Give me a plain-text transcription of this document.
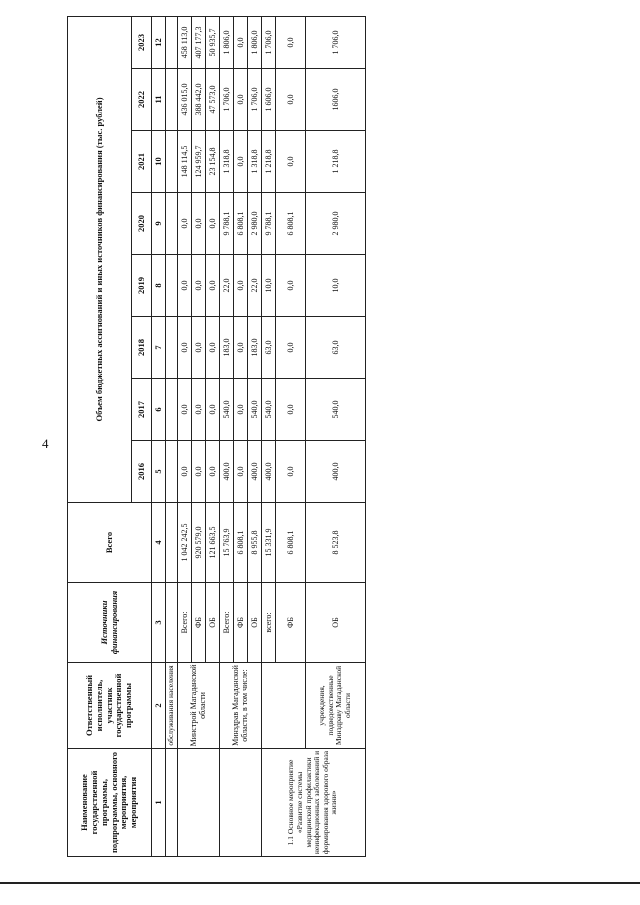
4
Наименование государственной программы, подпрограммы, основного мероприятия, мероприятия	Ответственный исполнитель, участник государственной программы	Источники финансирования	Всего	Объем бюджетных ассигнований и иных источников финансирования (тыс. рублей)							
				2016	2017	2018	2019	2020	2021	2022	2023
1	2	3	4	5	6	7	8	9	10	11	12
	обслуживания населения										
	Минстрой Магаданской области	Всего:	1 042 242,5	0,0	0,0	0,0	0,0	0,0	148 114,5	436 015,0	458 113,0
		ФБ	920 579,0	0,0	0,0	0,0	0,0	0,0	124 959,7	388 442,0	407 177,3
		ОБ	121 663,5	0,0	0,0	0,0	0,0	0,0	23 154,8	47 573,0	50 935,7
	Минздрав Магаданской области, в том числе:	Всего:	15 763,9	400,0	540,0	183,0	22,0	9 788,1	1 318,8	1 706,0	1 806,0
		ФБ	6 808,1	0,0	0,0	0,0	0,0	6 808,1	0,0	0,0	0,0
		ОБ	8 955,8	400,0	540,0	183,0	22,0	2 980,0	1 318,8	1 706,0	1 806,0
1.1 Основное мероприятие «Развитие системы медицинской профилактики неинфекционных заболеваний и формирования здорового образа жизни»		всего:	15 331,9	400,0	540,0	63,0	10,0	9 788,1	1 218,8	1 606,0	1 706,0
		ФБ	6 808,1	0,0	0,0	0,0	0,0	6 808,1	0,0	0,0	0,0
	учреждения, подведомственные Минздраву Магаданской области	ОБ	8 523,8	400,0	540,0	63,0	10,0	2 980,0	1 218,8	1606,0	1 706,0
